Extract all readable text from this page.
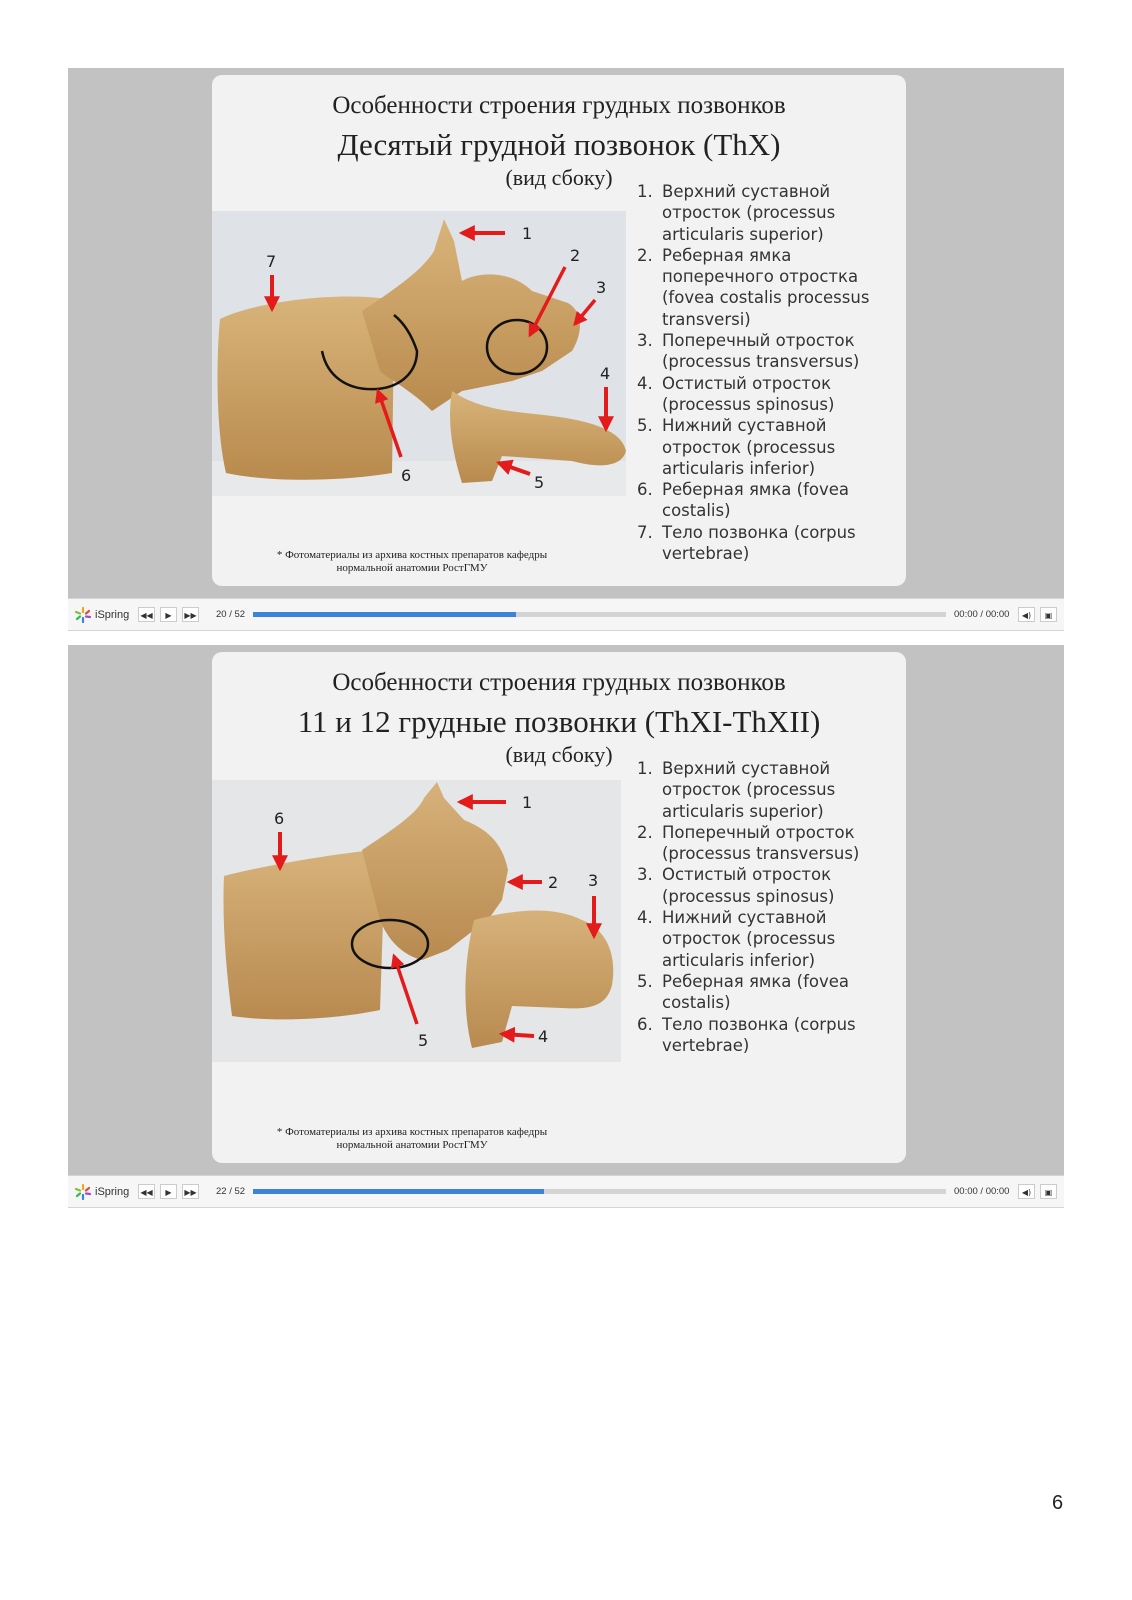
Особенности строения грудных позвонков
Десятый грудной позвонок (ThX)
(вид сбоку)
1
2
3
4
5
6
7
1. Верхний суставной отросток (processus articularis superior)
2. Реберная ямка поперечного отростка (fovea costalis processus transversi)
3. Поперечный отросток (processus transversus)
4. Остистый отросток (processus spinosus)
5. Нижний суставной отросток (processus articularis inferior)
6. Реберная ямка (fovea costalis)
7. Тело позвонка (corpus vertebrae)
* Фотоматериалы из архива костных препаратов кафедры
нормальной анатомии РостГМУ
iSpring ◀◀	▶	▶▶ 20 / 52	00:00 / 00:00	◀)	▣
Особенности строения грудных позвонков
11 и 12 грудные позвонки (ThXI-ThXII)
(вид сбоку)
1
2 3
4
5
6
1. Верхний суставной отросток (processus articularis superior)
2. Поперечный отросток (processus transversus)
3. Остистый отросток (processus spinosus)
4. Нижний суставной отросток (processus articularis inferior)
5. Реберная ямка (fovea costalis)
6. Тело позвонка (corpus vertebrae)
* Фотоматериалы из архива костных препаратов кафедры
нормальной анатомии РостГМУ
iSpring ◀◀	▶	▶▶ 22 / 52	00:00 / 00:00	◀)	▣
6
